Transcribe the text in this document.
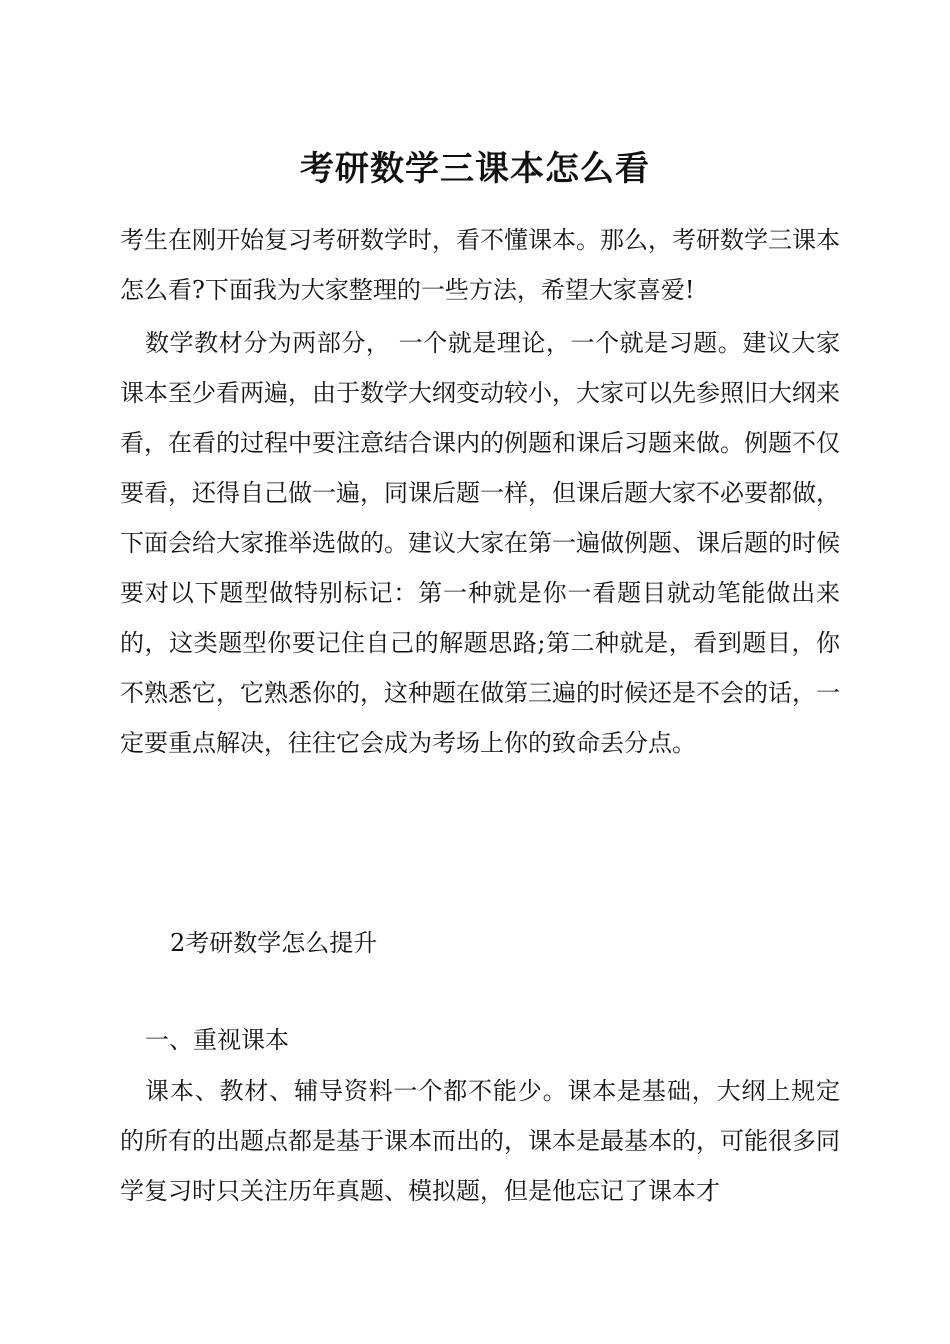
考研数学三课本怎么看

考生在刚开始复习考研数学时，看不懂课本。那么，考研数学三课本怎么看?下面我为大家整理的一些方法，希望大家喜爱!

数学教材分为两部分， 一个就是理论，一个就是习题。建议大家课本至少看两遍，由于数学大纲变动较小，大家可以先参照旧大纲来看，在看的过程中要注意结合课内的例题和课后习题来做。例题不仅要看，还得自己做一遍，同课后题一样，但课后题大家不必要都做，下面会给大家推举选做的。建议大家在第一遍做例题、课后题的时候要对以下题型做特别标记：第一种就是你一看题目就动笔能做出来的，这类题型你要记住自己的解题思路;第二种就是，看到题目，你不熟悉它，它熟悉你的，这种题在做第三遍的时候还是不会的话，一定要重点解决，往往它会成为考场上你的致命丢分点。

2考研数学怎么提升

一、重视课本

课本、教材、辅导资料一个都不能少。课本是基础，大纲上规定的所有的出题点都是基于课本而出的，课本是最基本的，可能很多同学复习时只关注历年真题、模拟题，但是他忘记了课本才
